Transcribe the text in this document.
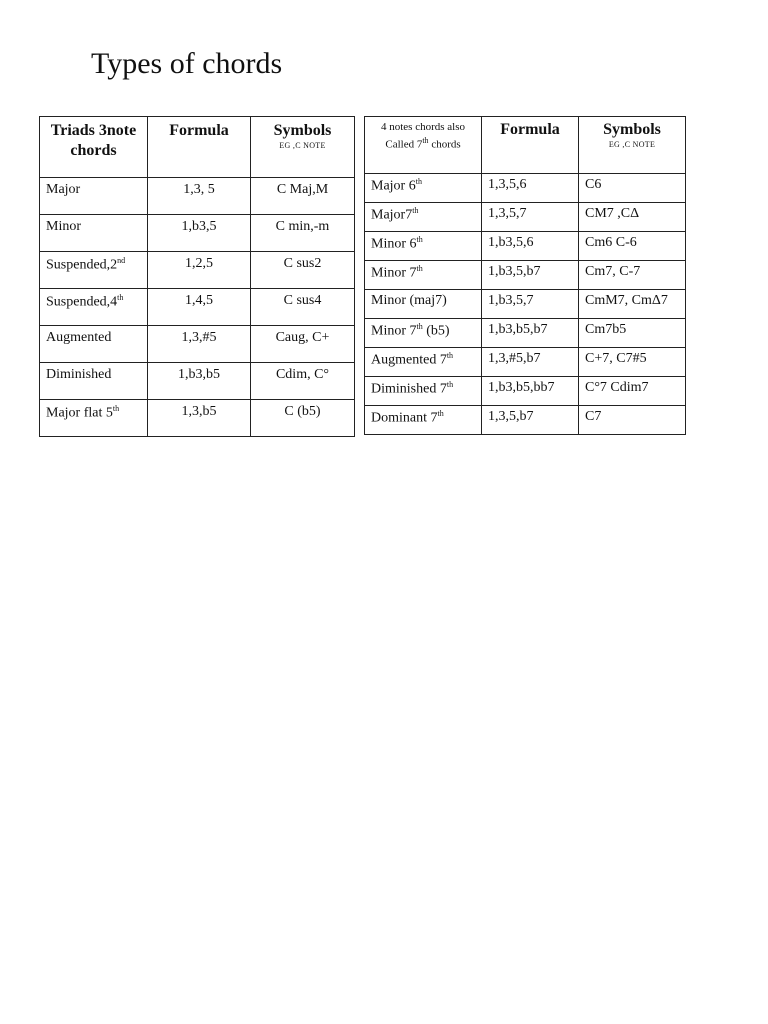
Types of chords
Triads 3note chords	Formula	Symbols
EG ,C NOTE

Major	1,3, 5	C Maj,M
Minor	1,b3,5	C min,-m
Suspended,2nd	1,2,5	C sus2
Suspended,4th	1,4,5	C sus4
Augmented	1,3,#5	Caug, C+
Diminished	1,b3,b5	Cdim, C°
Major flat 5th	1,3,b5	C (b5)
4 notes chords also Called 7th chords	Formula	Symbols
EG ,C NOTE

Major 6th	1,3,5,6	C6
Major7th	1,3,5,7	CM7 ,CΔ
Minor 6th	1,b3,5,6	Cm6 C-6
Minor 7th	1,b3,5,b7	Cm7, C-7
Minor (maj7)	1,b3,5,7	CmM7, CmΔ7
Minor 7th (b5)	1,b3,b5,b7	Cm7b5
Augmented 7th	1,3,#5,b7	C+7, C7#5
Diminished 7th	1,b3,b5,bb7	C°7 Cdim7
Dominant 7th	1,3,5,b7	C7
